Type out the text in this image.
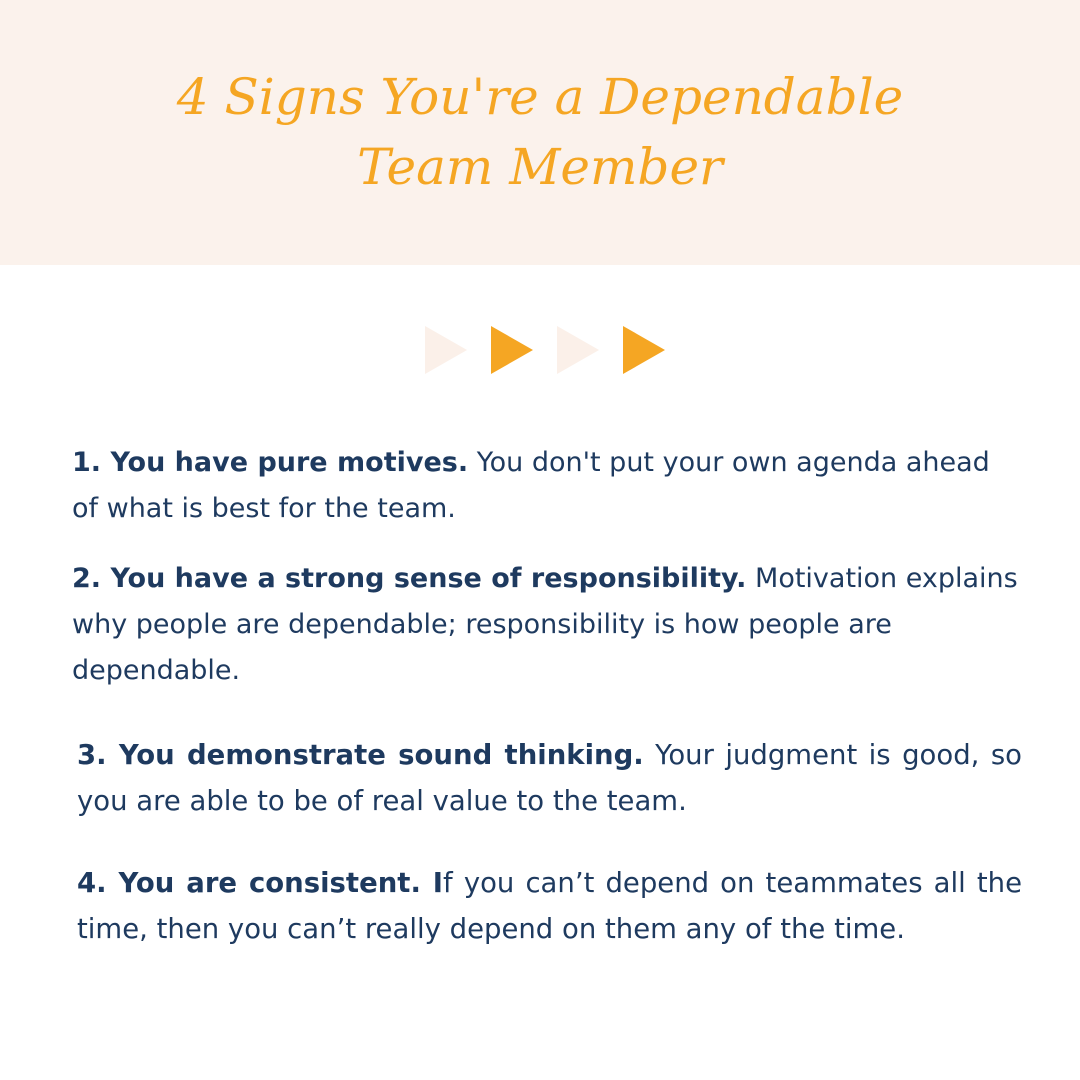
4 Signs You're a Dependable
Team Member

1. You have pure motives. You don't put your own agenda ahead of what is best for the team.

2. You have a strong sense of responsibility. Motivation explains why people are dependable; responsibility is how people are dependable.

3. You demonstrate sound thinking. Your judgment is good, so you are able to be of real value to the team.

4. You are consistent. If you can’t depend on teammates all the time, then you can’t really depend on them any of the time.
